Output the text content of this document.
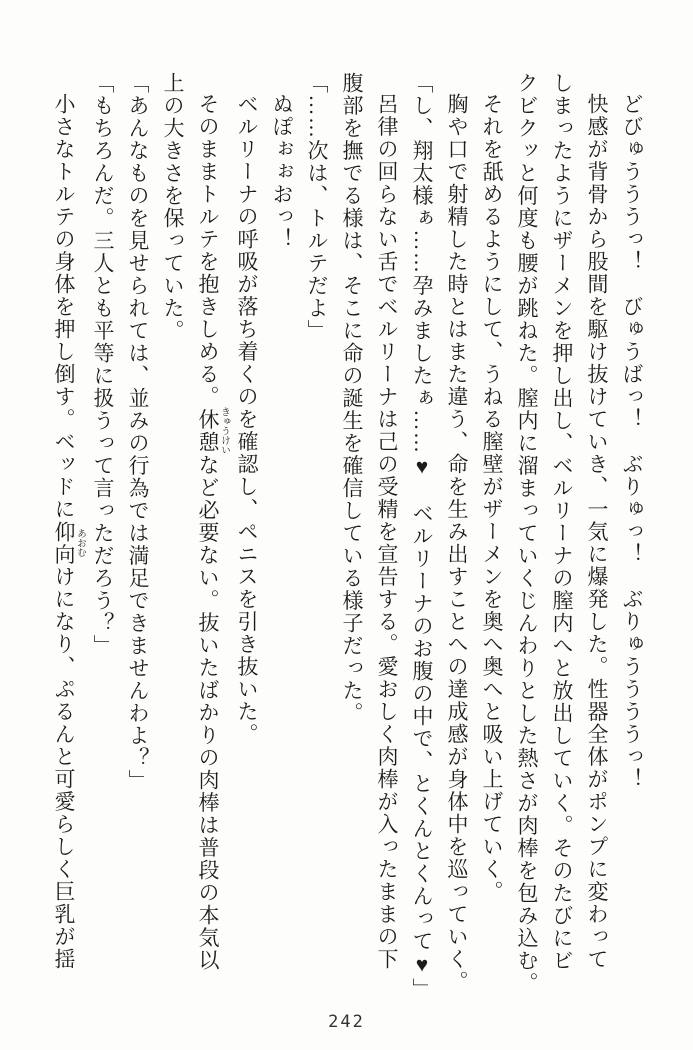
どびゅうううっ！　びゅうばっ！　ぶりゅっ！　ぶりゅううううっ！
快感が背骨から股間を駆け抜けていき、一気に爆発した。性器全体がポンプに変わって
しまったようにザーメンを押し出し、ベルリーナの膣内へと放出していく。そのたびにビ
クビクッと何度も腰が跳ねた。膣内に溜まっていくじんわりとした熱さが肉棒を包み込む。
それを舐めるようにして、うねる膣壁がザーメンを奥へ奥へと吸い上げていく。
胸や口で射精した時とはまた違う、命を生み出すことへの達成感が身体中を巡っていく。
「し、翔太様ぁ……孕みましたぁ……♥　ベルリーナのお腹の中で、とくんとくんって♥」
呂律の回らない舌でベルリーナは己の受精を宣告する。愛おしく肉棒が入ったままの下
腹部を撫でる様は、そこに命の誕生を確信している様子だった。
「……次は、トルテだよ」
ぬぽぉぉおっ！
ベルリーナの呼吸が落ち着くのを確認し、ペニスを引き抜いた。
そのままトルテを抱きしめる。休憩 きゅうけいなど必要ない。抜いたばかりの肉棒は普段の本気以
上の大きさを保っていた。
「あんなものを見せられては、並みの行為では満足できませんわよ？」
「もちろんだ。三人とも平等に扱うって言っただろう？」
小さなトルテの身体を押し倒す。ベッドに仰向 あおむけになり、ぷるんと可愛らしく巨乳が揺
242
